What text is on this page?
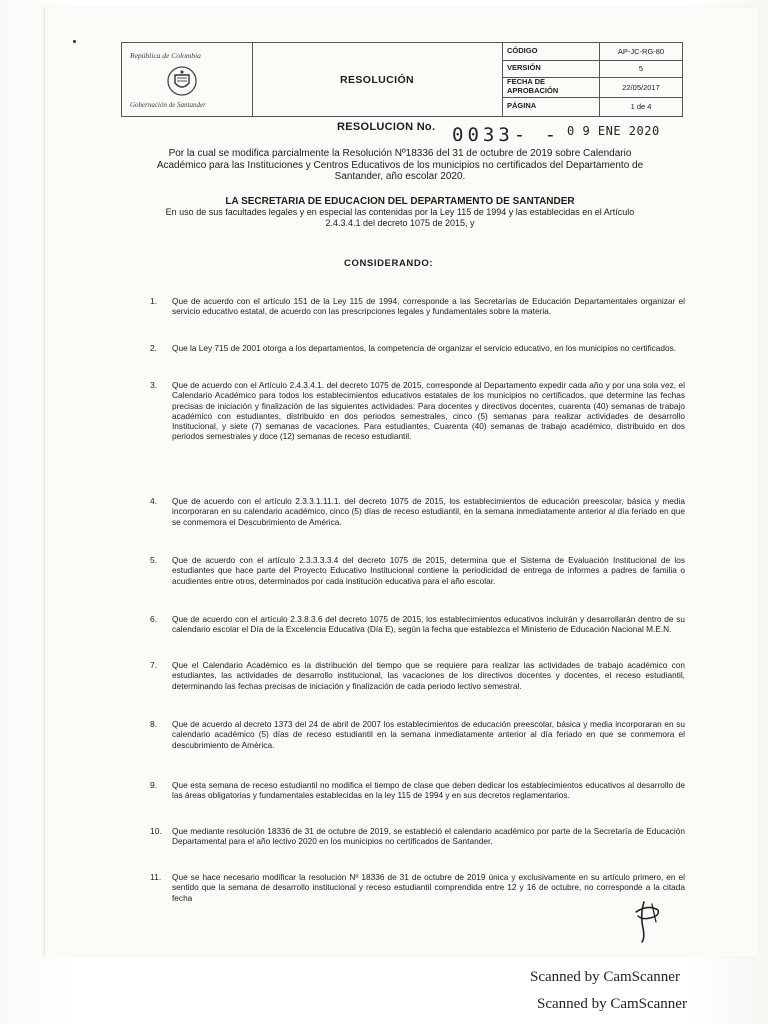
República de Colombia
Gobernación de Santander
RESOLUCIÓN
CÓDIGO	AP-JC-RG-80
VERSIÓN	5
FECHA DE APROBACIÓN	22/05/2017
PÁGINA	1 de 4
RESOLUCION No. 0033- - 0 9 ENE 2020
Por la cual se modifica parcialmente la Resolución Nº18336 del 31 de octubre de 2019 sobre Calendario Académico para las Instituciones y Centros Educativos de los municipios no certificados del Departamento de Santander, año escolar 2020.
LA SECRETARIA DE EDUCACION DEL DEPARTAMENTO DE SANTANDER
En uso de sus facultades legales y en especial las contenidas por la Ley 115 de 1994 y las establecidas en el Artículo 2.4.3.4.1 del decreto 1075 de 2015, y
CONSIDERANDO:
1.	Que de acuerdo con el artículo 151 de la Ley 115 de 1994, corresponde a las Secretarías de Educación Departamentales organizar el servicio educativo estatal, de acuerdo con las prescripciones legales y fundamentales sobre la materia.
2.	Que la Ley 715 de 2001 otorga a los departamentos, la competencia de organizar el servicio educativo, en los municipios no certificados.
3.	Que de acuerdo con el Artículo 2.4.3.4.1. del decreto 1075 de 2015, corresponde al Departamento expedir cada año y por una sola vez, el Calendario Académico para todos los establecimientos educativos estatales de los municipios no certificados, que determine las fechas precisas de iniciación y finalización de las siguientes actividades: Para docentes y directivos docentes, cuarenta (40) semanas de trabajo académico con estudiantes, distribuido en dos periodos semestrales, cinco (5) semanas para realizar actividades de desarrollo Institucional, y siete (7) semanas de vacaciones. Para estudiantes, Cuarenta (40) semanas de trabajo académico, distribuido en dos periodos semestrales y doce (12) semanas de receso estudiantil.
4.	Que de acuerdo con el artículo 2.3.3.1.11.1. del decreto 1075 de 2015, los establecimientos de educación preescolar, básica y media incorporaran en su calendario académico, cinco (5) días de receso estudiantil, en la semana inmediatamente anterior al día feriado en que se conmemora el Descubrimiento de América.
5.	Que de acuerdo con el artículo 2.3.3.3.3.4 del decreto 1075 de 2015, determina que el Sistema de Evaluación Institucional de los estudiantes que hace parte del Proyecto Educativo Institucional contiene la periodicidad de entrega de informes a padres de familia o acudientes entre otros, determinados por cada institución educativa para el año escolar.
6.	Que de acuerdo con el artículo 2.3.8.3.6 del decreto 1075 de 2015, los establecimientos educativos incluirán y desarrollarán dentro de su calendario escolar el Día de la Excelencia Educativa (Día E), según la fecha que establezca el Ministerio de Educación Nacional M.E.N.
7.	Que el Calendario Académico es la distribución del tiempo que se requiere para realizar las actividades de trabajo académico con estudiantes, las actividades de desarrollo institucional, las vacaciones de los directivos docentes y docentes, el receso estudiantil, determinando las fechas precisas de iniciación y finalización de cada periodo lectivo semestral.
8.	Que de acuerdo al decreto 1373 del 24 de abril de 2007 los establecimientos de educación preescolar, básica y media incorporaran en su calendario académico (5) días de receso estudiantil en la semana inmediatamente anterior al día feriado en que se conmemora el descubrimiento de América.
9.	Que esta semana de receso estudiantil no modifica el tiempo de clase que deben dedicar los establecimientos educativos al desarrollo de las áreas obligatorias y fundamentales establecidas en la ley 115 de 1994 y en sus decretos reglamentarios.
10.	Que mediante resolución 18336 de 31 de octubre de 2019, se estableció el calendario académico por parte de la Secretaría de Educación Departamental para el año lectivo 2020 en los municipios no certificados de Santander.
11.	Que se hace necesario modificar la resolución Nº 18336 de 31 de octubre de 2019 única y exclusivamente en su artículo primero, en el sentido que la semana de desarrollo institucional y receso estudiantil comprendida entre 12 y 16 de octubre, no corresponde a la citada fecha
Scanned by CamScanner
Scanned by CamScanner
